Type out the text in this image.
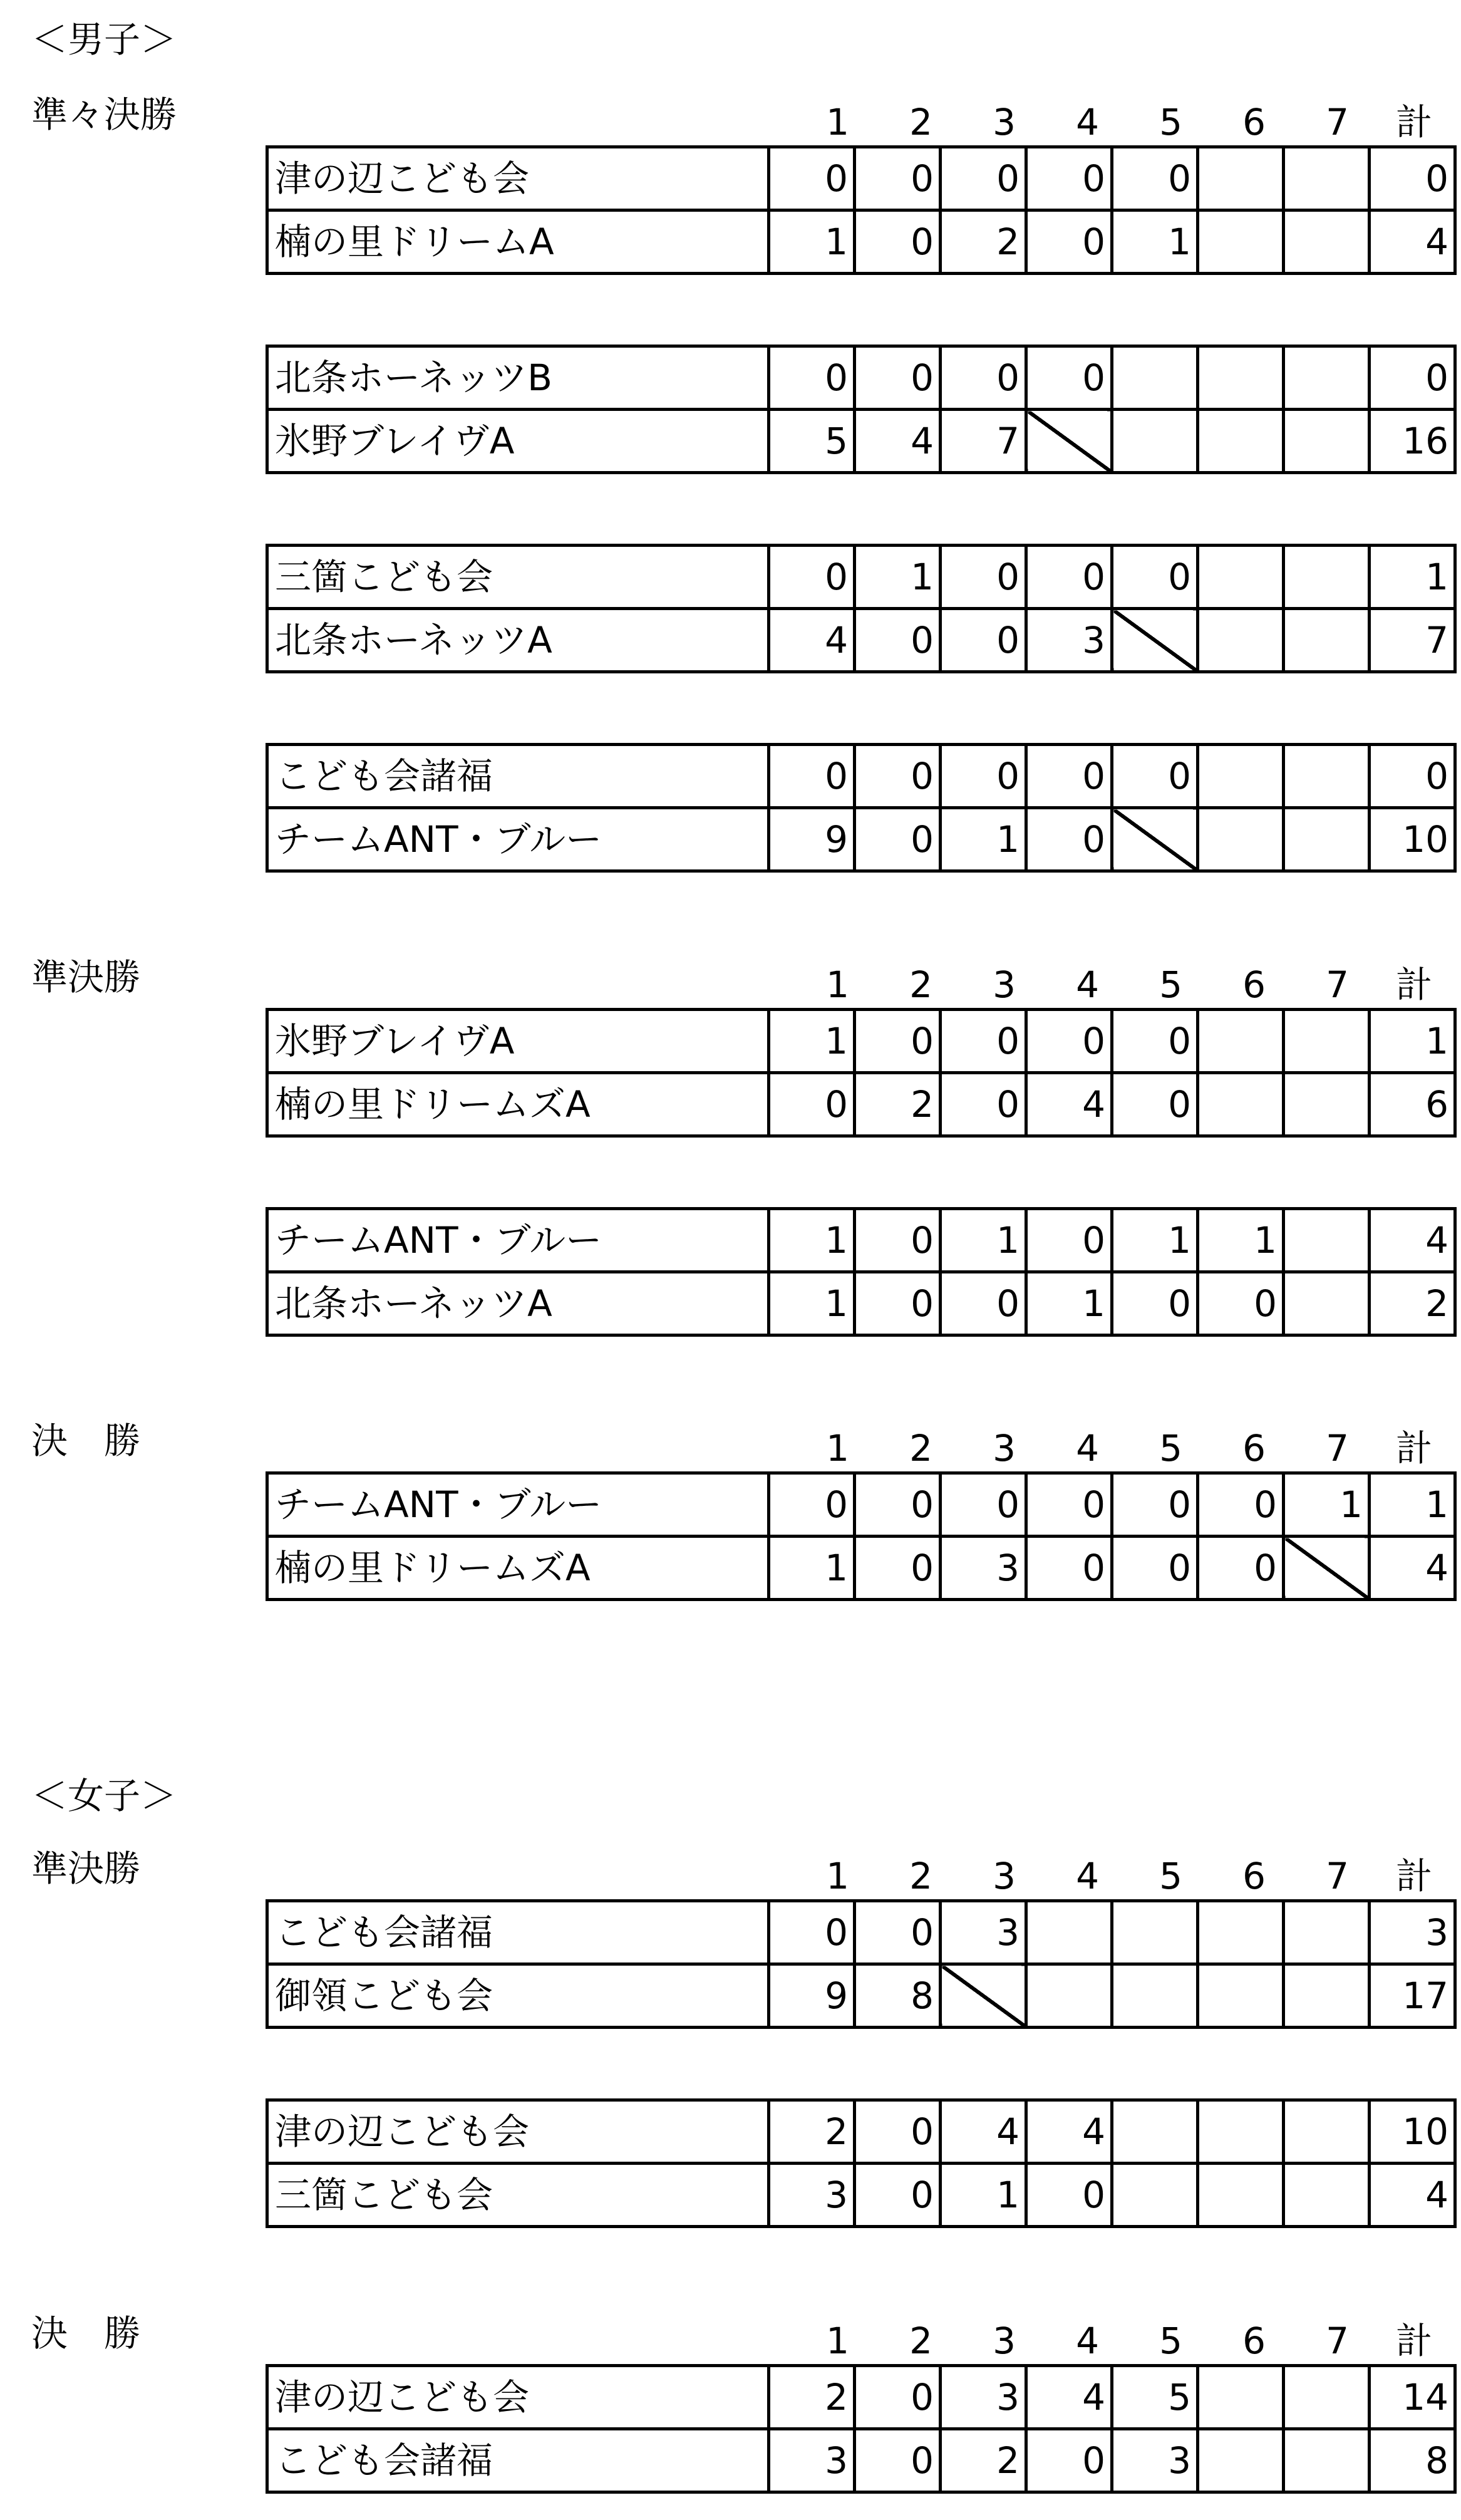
＜男子＞
準々決勝
準決勝
決　勝
＜女子＞
準決勝
決　勝
1	2	3	4	5	6	7	計
1	2	3	4	5	6	7	計
1	2	3	4	5	6	7	計
1	2	3	4	5	6	7	計
1	2	3	4	5	6	7	計
津の辺こども会	0	0	0	0	0			0
楠の里ドリームA	1	0	2	0	1			4
北条ホーネッツB	0	0	0	0				0
氷野ブレイヴA	5	4	7					16
三箇こども会	0	1	0	0	0			1
北条ホーネッツA	4	0	0	3				7
こども会諸福	0	0	0	0	0			0
チームANT・ブルー	9	0	1	0				10
氷野ブレイヴA	1	0	0	0	0			1
楠の里ドリームズA	0	2	0	4	0			6
チームANT・ブルー	1	0	1	0	1	1		4
北条ホーネッツA	1	0	0	1	0	0		2
チームANT・ブルー	0	0	0	0	0	0	1	1
楠の里ドリームズA	1	0	3	0	0	0		4
こども会諸福	0	0	3					3
御領こども会	9	8						17
津の辺こども会	2	0	4	4				10
三箇こども会	3	0	1	0				4
津の辺こども会	2	0	3	4	5			14
こども会諸福	3	0	2	0	3			8
